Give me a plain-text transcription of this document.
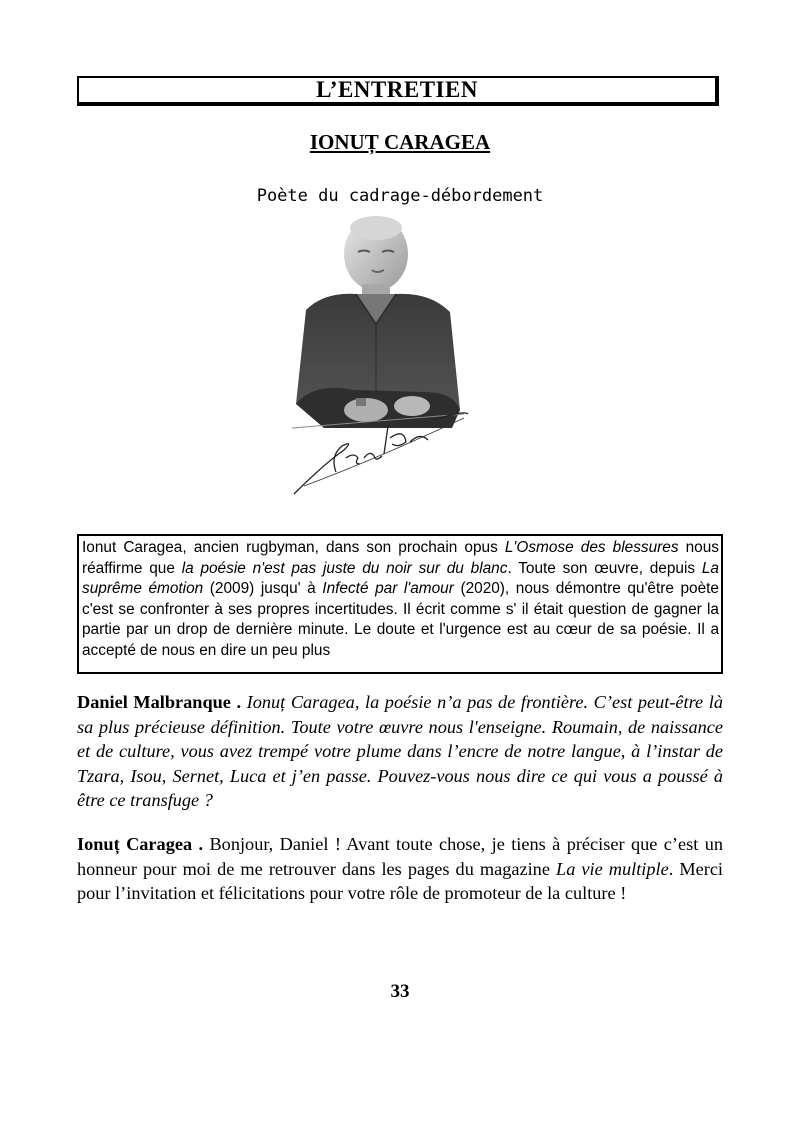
L’ENTRETIEN
IONUȚ CARAGEA
Poète du cadrage-débordement
Ionut Caragea, ancien rugbyman, dans son prochain opus L'Osmose des blessures nous réaffirme que la poésie n'est pas juste du noir sur du blanc. Toute son œuvre, depuis La suprême émotion (2009) jusqu' à Infecté par l'amour (2020), nous démontre qu'être poète c'est se confronter à ses propres incertitudes. Il écrit comme s' il était question de gagner la partie par un drop de dernière minute. Le doute et l'urgence est au cœur de sa poésie. Il a accepté de nous en dire un peu plus
Daniel Malbranque . Ionuț Caragea, la poésie n’a pas de frontière. C’est peut-être là sa plus précieuse définition. Toute votre œuvre nous l'enseigne. Roumain, de naissance et de culture, vous avez trempé votre plume dans l’encre de notre langue, à l’instar de Tzara, Isou, Sernet, Luca et j’en passe. Pouvez-vous nous dire ce qui vous a poussé à être ce transfuge ?
Ionuț Caragea . Bonjour, Daniel ! Avant toute chose, je tiens à préciser que c’est un honneur pour moi de me retrouver dans les pages du magazine La vie multiple. Merci pour l’invitation et félicitations pour votre rôle de promoteur de la culture !
33
